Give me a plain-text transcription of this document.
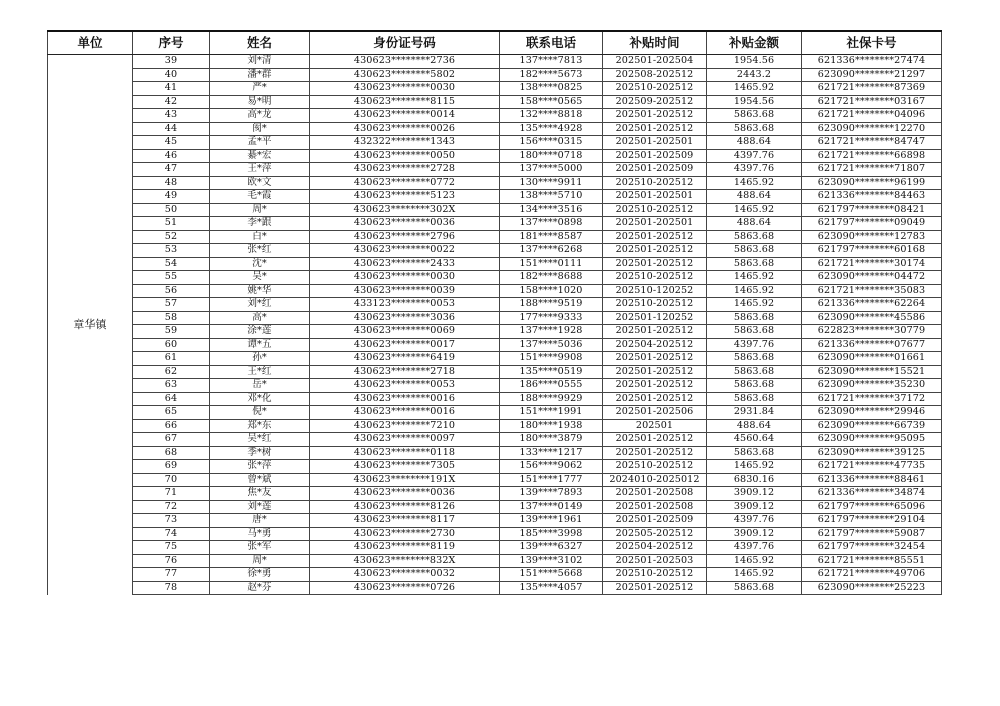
单位	序号	姓名	身份证号码	联系电话	补贴时间	补贴金额	社保卡号
章华镇	39	刘*清	430623********2736	137****7813	202501-202504	1954.56	621336********27474
	40	潘*群	430623********5802	182****5673	202508-202512	2443.2	623090********21297
	41	严*	430623********0030	138****0825	202510-202512	1465.92	621721********87369
	42	易*明	430623********8115	158****0565	202509-202512	1954.56	621721********03167
	43	高*龙	430623********0014	132****8818	202501-202512	5863.68	621721********04096
	44	阂*	430623********0026	135****4928	202501-202512	5863.68	623090********12270
	45	孟*平	432322********1343	156****0315	202501-202501	488.64	621721********84747
	46	綦*宏	430623********0050	180****0718	202501-202509	4397.76	621721********66898
	47	王*萍	430623********2728	137****5000	202501-202509	4397.76	621721********71807
	48	欧*文	430623********0772	130****9911	202510-202512	1465.92	623090********96199
	49	毛*霞	430623********5123	138****5710	202501-202501	488.64	621336********84463
	50	周*	430623********302X	134****3516	202510-202512	1465.92	621797********08421
	51	李*跟	430623********0036	137****0898	202501-202501	488.64	621797********09049
	52	白*	430623********2796	181****8587	202501-202512	5863.68	623090********12783
	53	张*红	430623********0022	137****6268	202501-202512	5863.68	621797********60168
	54	沈*	430623********2433	151****0111	202501-202512	5863.68	621721********30174
	55	吴*	430623********0030	182****8688	202510-202512	1465.92	623090********04472
	56	姚*华	430623********0039	158****1020	202510-120252	1465.92	621721********35083
	57	刘*红	433123********0053	188****9519	202510-202512	1465.92	621336********62264
	58	高*	430623********3036	177****9333	202501-120252	5863.68	623090********45586
	59	涂*莲	430623********0069	137****1928	202501-202512	5863.68	622823********30779
	60	谭*五	430623********0017	137****5036	202504-202512	4397.76	621336********07677
	61	孙*	430623********6419	151****9908	202501-202512	5863.68	623090********01661
	62	王*红	430623********2718	135****0519	202501-202512	5863.68	623090********15521
	63	岳*	430623********0053	186****0555	202501-202512	5863.68	623090********35230
	64	邓*化	430623********0016	188****9929	202501-202512	5863.68	621721********37172
	65	倪*	430623********0016	151****1991	202501-202506	2931.84	623090********29946
	66	郑*东	430623********7210	180****1938	202501	488.64	623090********66739
	67	吴*红	430623********0097	180****3879	202501-202512	4560.64	623090********95095
	68	季*树	430623********0118	133****1217	202501-202512	5863.68	623090********39125
	69	张*萍	430623********7305	156****9062	202510-202512	1465.92	621721********47735
	70	曾*斌	430623********191X	151****1777	2024010-2025012	6830.16	621336********88461
	71	焦*友	430623********0036	139****7893	202501-202508	3909.12	621336********34874
	72	刘*莲	430623********8126	137****0149	202501-202508	3909.12	621797********65096
	73	唐*	430623********8117	139****1961	202501-202509	4397.76	621797********29104
	74	马*勇	430623********2730	185****3998	202505-202512	3909.12	621797********59087
	75	张*军	430623********8119	139****6327	202504-202512	4397.76	621797********32454
	76	周*	430623********832X	139****3102	202501-202503	1465.92	621721********85551
	77	徐*勇	430623********0032	151****5668	202510-202512	1465.92	621721********49706
	78	赵*芬	430623********0726	135****4057	202501-202512	5863.68	623090********25223
